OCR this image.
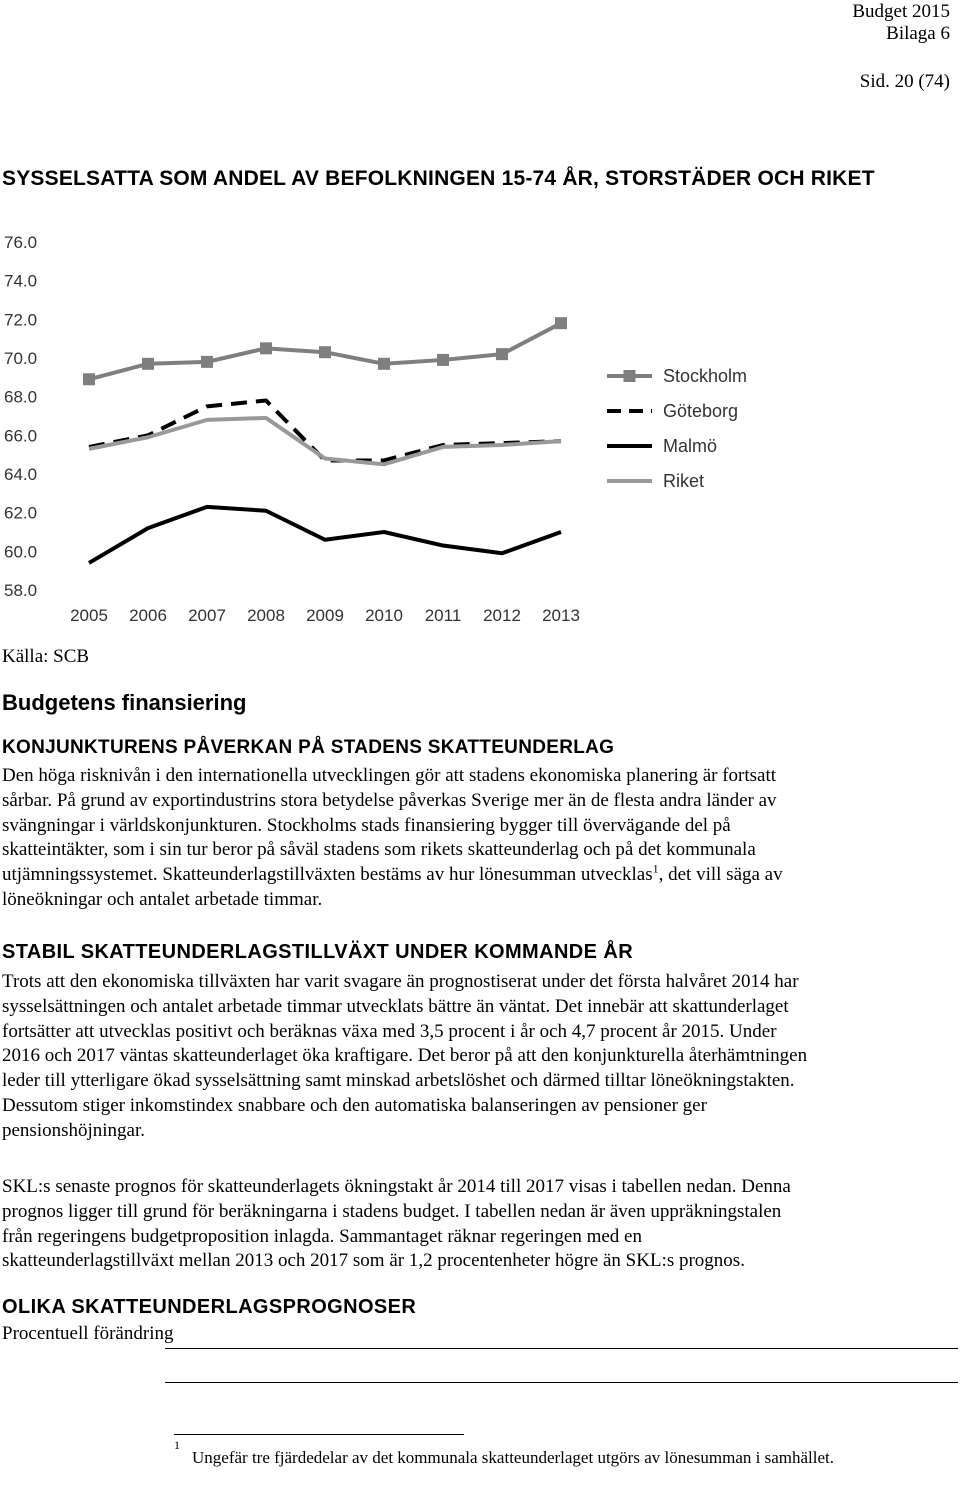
Budget 2015
Bilaga 6
Sid. 20 (74)
SYSSELSATTA SOM ANDEL AV BEFOLKNINGEN 15-74 ÅR, STORSTÄDER OCH RIKET
76.0
74.0
72.0
70.0
68.0
66.0
64.0
62.0
60.0
58.0
2005 2006 2007 2008 2009 2010 2011 2012 2013
Stockholm
Göteborg
Malmö
Riket
Källa: SCB
Budgetens finansiering
KONJUNKTURENS PÅVERKAN PÅ STADENS SKATTEUNDERLAG
Den höga risknivån i den internationella utvecklingen gör att stadens ekonomiska planering är fortsatt
sårbar. På grund av exportindustrins stora betydelse påverkas Sverige mer än de flesta andra länder av
svängningar i världskonjunkturen. Stockholms stads finansiering bygger till övervägande del på
skatteintäkter, som i sin tur beror på såväl stadens som rikets skatteunderlag och på det kommunala
utjämningssystemet. Skatteunderlagstillväxten bestäms av hur lönesumman utvecklas$^1$, det vill säga av
löneökningar och antalet arbetade timmar.
STABIL SKATTEUNDERLAGSTILLVÄXT UNDER KOMMANDE ÅR
Trots att den ekonomiska tillväxten har varit svagare än prognostiserat under det första halvåret 2014 har
sysselsättningen och antalet arbetade timmar utvecklats bättre än väntat. Det innebär att skattunderlaget
fortsätter att utvecklas positivt och beräknas växa med 3,5 procent i år och 4,7 procent år 2015. Under
2016 och 2017 väntas skatteunderlaget öka kraftigare. Det beror på att den konjunkturella återhämtningen
leder till ytterligare ökad sysselsättning samt minskad arbetslöshet och därmed tilltar löneökningstakten.
Dessutom stiger inkomstindex snabbare och den automatiska balanseringen av pensioner ger
pensionshöjningar.
SKL:s senaste prognos för skatteunderlagets ökningstakt år 2014 till 2017 visas i tabellen nedan. Denna
prognos ligger till grund för beräkningarna i stadens budget. I tabellen nedan är även uppräkningstalen
från regeringens budgetproposition inlagda. Sammantaget räknar regeringen med en
skatteunderlagstillväxt mellan 2013 och 2017 som är 1,2 procentenheter högre än SKL:s prognos.
OLIKA SKATTEUNDERLAGSPROGNOSER
Procentuell förändring
1
Ungefär tre fjärdedelar av det kommunala skatteunderlaget utgörs av lönesumman i samhället.
